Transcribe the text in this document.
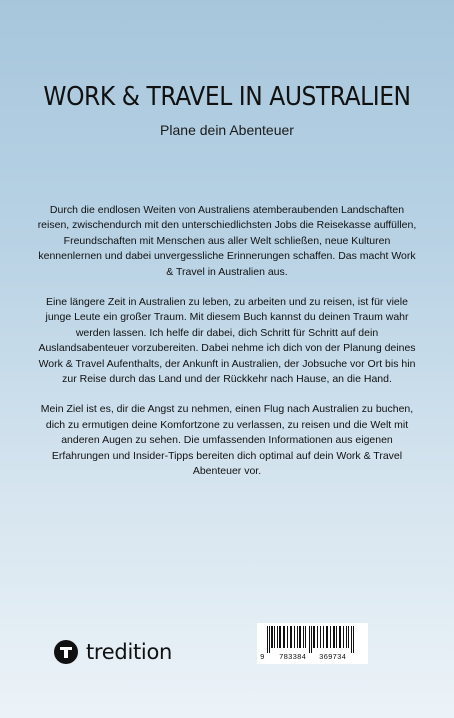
WORK & TRAVEL IN AUSTRALIEN
Plane dein Abenteuer

Durch die endlosen Weiten von Australiens atemberaubenden Landschaften reisen, zwischendurch mit den unterschiedlichsten Jobs die Reisekasse auffüllen, Freundschaften mit Menschen aus aller Welt schließen, neue Kulturen kennenlernen und dabei unvergessliche Erinnerungen schaffen. Das macht Work & Travel in Australien aus.

Eine längere Zeit in Australien zu leben, zu arbeiten und zu reisen, ist für viele junge Leute ein großer Traum. Mit diesem Buch kannst du deinen Traum wahr werden lassen. Ich helfe dir dabei, dich Schritt für Schritt auf dein Auslandsabenteuer vorzubereiten. Dabei nehme ich dich von der Planung deines Work & Travel Aufenthalts, der Ankunft in Australien, der Jobsuche vor Ort bis hin zur Reise durch das Land und der Rückkehr nach Hause, an die Hand.

Mein Ziel ist es, dir die Angst zu nehmen, einen Flug nach Australien zu buchen, dich zu ermutigen deine Komfortzone zu verlassen, zu reisen und die Welt mit anderen Augen zu sehen. Die umfassenden Informationen aus eigenen Erfahrungen und Insider-Tipps bereiten dich optimal auf dein Work & Travel Abenteuer vor.

tredition	9 783384 369734
